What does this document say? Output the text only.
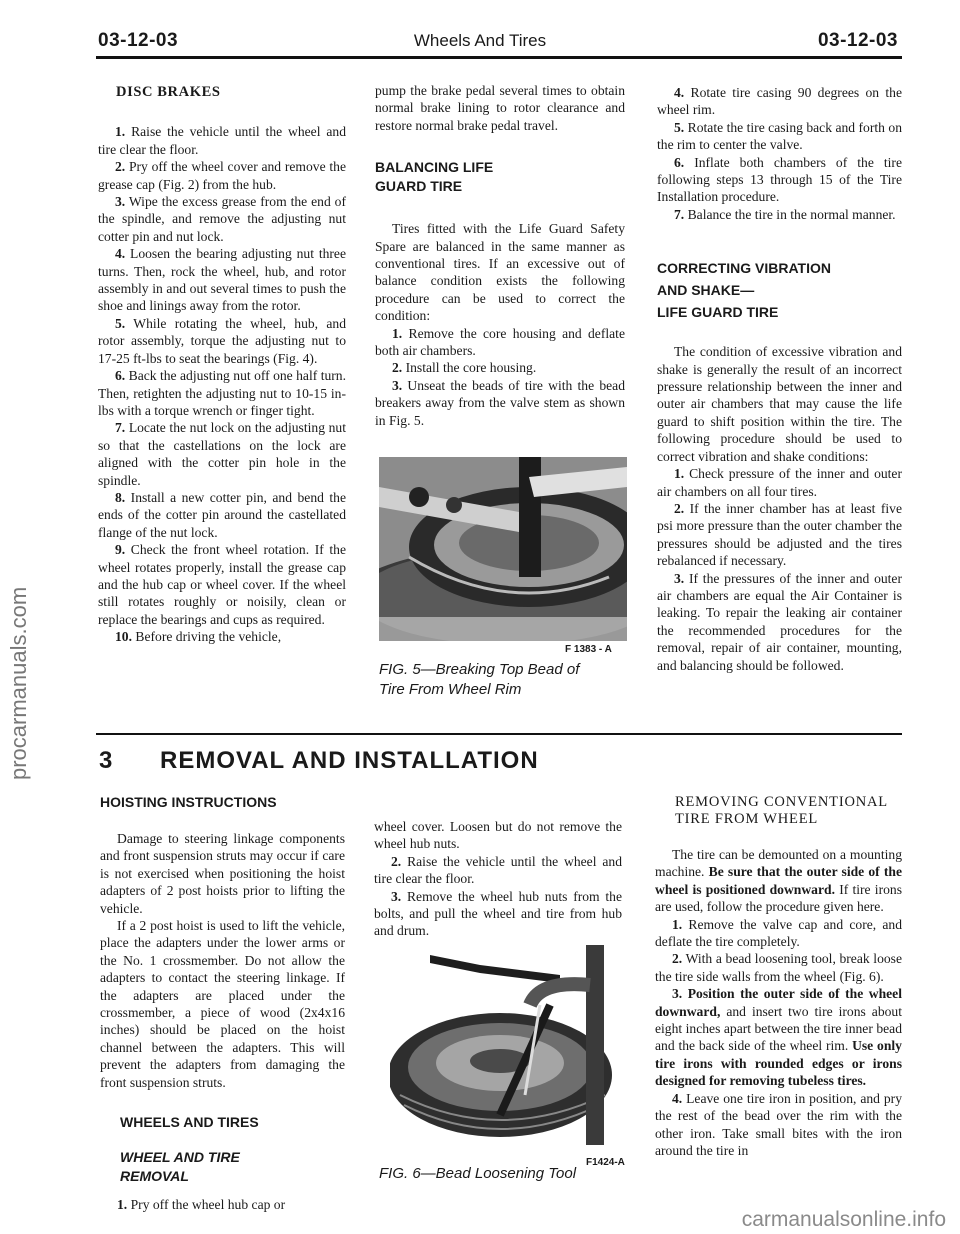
03-12-03	Wheels And Tires	03-12-03
DISC BRAKES

1. Raise the vehicle until the wheel and tire clear the floor.

2. Pry off the wheel cover and remove the grease cap (Fig. 2) from the hub.

3. Wipe the excess grease from the end of the spindle, and remove the adjusting nut cotter pin and nut lock.

4. Loosen the bearing adjusting nut three turns. Then, rock the wheel, hub, and rotor assembly in and out several times to push the shoe and linings away from the rotor.

5. While rotating the wheel, hub, and rotor assembly, torque the adjusting nut to 17-25 ft-lbs to seat the bearings (Fig. 4).

6. Back the adjusting nut off one half turn. Then, retighten the adjusting nut to 10-15 in-lbs with a torque wrench or finger tight.

7. Locate the nut lock on the adjusting nut so that the castellations on the lock are aligned with the cotter pin hole in the spindle.

8. Install a new cotter pin, and bend the ends of the cotter pin around the castellated flange of the nut lock.

9. Check the front wheel rotation. If the wheel rotates properly, install the grease cap and the hub cap or wheel cover. If the wheel still rotates roughly or noisily, clean or replace the bearings and cups as required.

10. Before driving the vehicle,

pump the brake pedal several times to obtain normal brake lining to rotor clearance and restore normal brake pedal travel.

BALANCING LIFE
GUARD TIRE

Tires fitted with the Life Guard Safety Spare are balanced in the same manner as conventional tires. If an excessive out of balance condition exists the following procedure can be used to correct the condition:

1. Remove the core housing and deflate both air chambers.

2. Install the core housing.

3. Unseat the beads of tire with the bead breakers away from the valve stem as shown in Fig. 5.

F 1383 - A
FIG. 5—Breaking Top Bead of
Tire From Wheel Rim

4. Rotate tire casing 90 degrees on the wheel rim.

5. Rotate the tire casing back and forth on the rim to center the valve.

6. Inflate both chambers of the tire following steps 13 through 15 of the Tire Installation procedure.

7. Balance the tire in the normal manner.

CORRECTING VIBRATION
AND SHAKE—
LIFE GUARD TIRE

The condition of excessive vibration and shake is generally the result of an incorrect pressure relationship between the inner and outer air chambers that may cause the life guard to shift position within the tire. The following procedure should be used to correct vibration and shake conditions:

1. Check pressure of the inner and outer air chambers on all four tires.

2. If the inner chamber has at least five psi more pressure than the outer chamber the pressures should be adjusted and the tires rebalanced if necessary.

3. If the pressures of the inner and outer air chambers are equal the Air Container is leaking. To repair the leaking air container the recommended procedures for the removal, repair of air container, mounting, and balancing should be followed.

3 REMOVAL AND INSTALLATION
HOISTING INSTRUCTIONS

Damage to steering linkage components and front suspension struts may occur if care is not exercised when positioning the hoist adapters of 2 post hoists prior to lifting the vehicle.

If a 2 post hoist is used to lift the vehicle, place the adapters under the lower arms or the No. 1 crossmember. Do not allow the adapters to contact the steering linkage. If the adapters are placed under the crossmember, a piece of wood (2x4x16 inches) should be placed on the hoist channel between the adapters. This will prevent the adapters from damaging the front suspension struts.

WHEELS AND TIRES
WHEEL AND TIRE
REMOVAL

1. Pry off the wheel hub cap or

wheel cover. Loosen but do not remove the wheel hub nuts.

2. Raise the vehicle until the wheel and tire clear the floor.

3. Remove the wheel hub nuts from the bolts, and pull the wheel and tire from hub and drum.

F1424-A
FIG. 6—Bead Loosening Tool
REMOVING CONVENTIONAL
TIRE FROM WHEEL

The tire can be demounted on a mounting machine. Be sure that the outer side of the wheel is positioned downward. If tire irons are used, follow the procedure given here.

1. Remove the valve cap and core, and deflate the tire completely.

2. With a bead loosening tool, break loose the tire side walls from the wheel (Fig. 6).

3. Position the outer side of the wheel downward, and insert two tire irons about eight inches apart between the tire inner bead and the back side of the wheel rim. Use only tire irons with rounded edges or irons designed for removing tubeless tires.

4. Leave one tire iron in position, and pry the rest of the bead over the rim with the other iron. Take small bites with the iron around the tire in

procarmanuals.com
carmanualsonline.info
